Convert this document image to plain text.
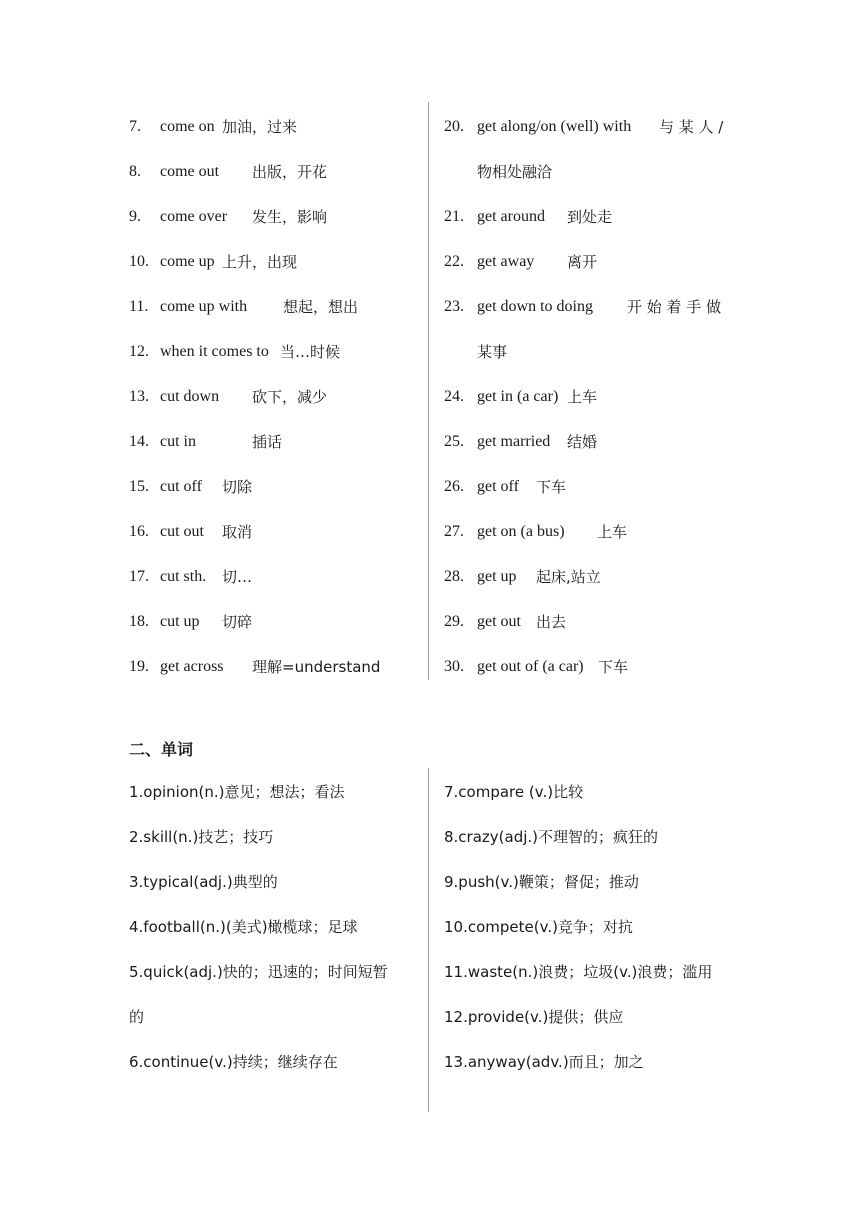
7. come on 加油，过来
8. come out 出版，开花
9. come over 发生，影响
10. come up 上升，出现
11. come up with 想起，想出
12. when it comes to 当…时候
13. cut down 砍下，减少
14. cut in	插话
15. cut off 切除
16. cut out 取消
17. cut sth. 切…
18. cut up 切碎
19. get across 理解=understand
20. get along/on (well) with 与 某 人 /
物相处融洽
21. get around 到处走
22. get away 离开
23. get down to doing 开 始 着 手 做
某事
24. get in (a car) 上车
25. get married 结婚
26. get off 下车
27. get on (a bus) 上车
28. get up 起床,站立
29. get out 出去
30. get out of (a car) 下车
二、单词
1.opinion(n.)意见；想法；看法
2.skill(n.)技艺；技巧
3.typical(adj.)典型的
4.football(n.)(美式)橄榄球；足球
5.quick(adj.)快的；迅速的；时间短暂
的
6.continue(v.)持续；继续存在
7.compare (v.)比较
8.crazy(adj.)不理智的；疯狂的
9.push(v.)鞭策；督促；推动
10.compete(v.)竞争；对抗
11.waste(n.)浪费；垃圾(v.)浪费；滥用
12.provide(v.)提供；供应
13.anyway(adv.)而且；加之
